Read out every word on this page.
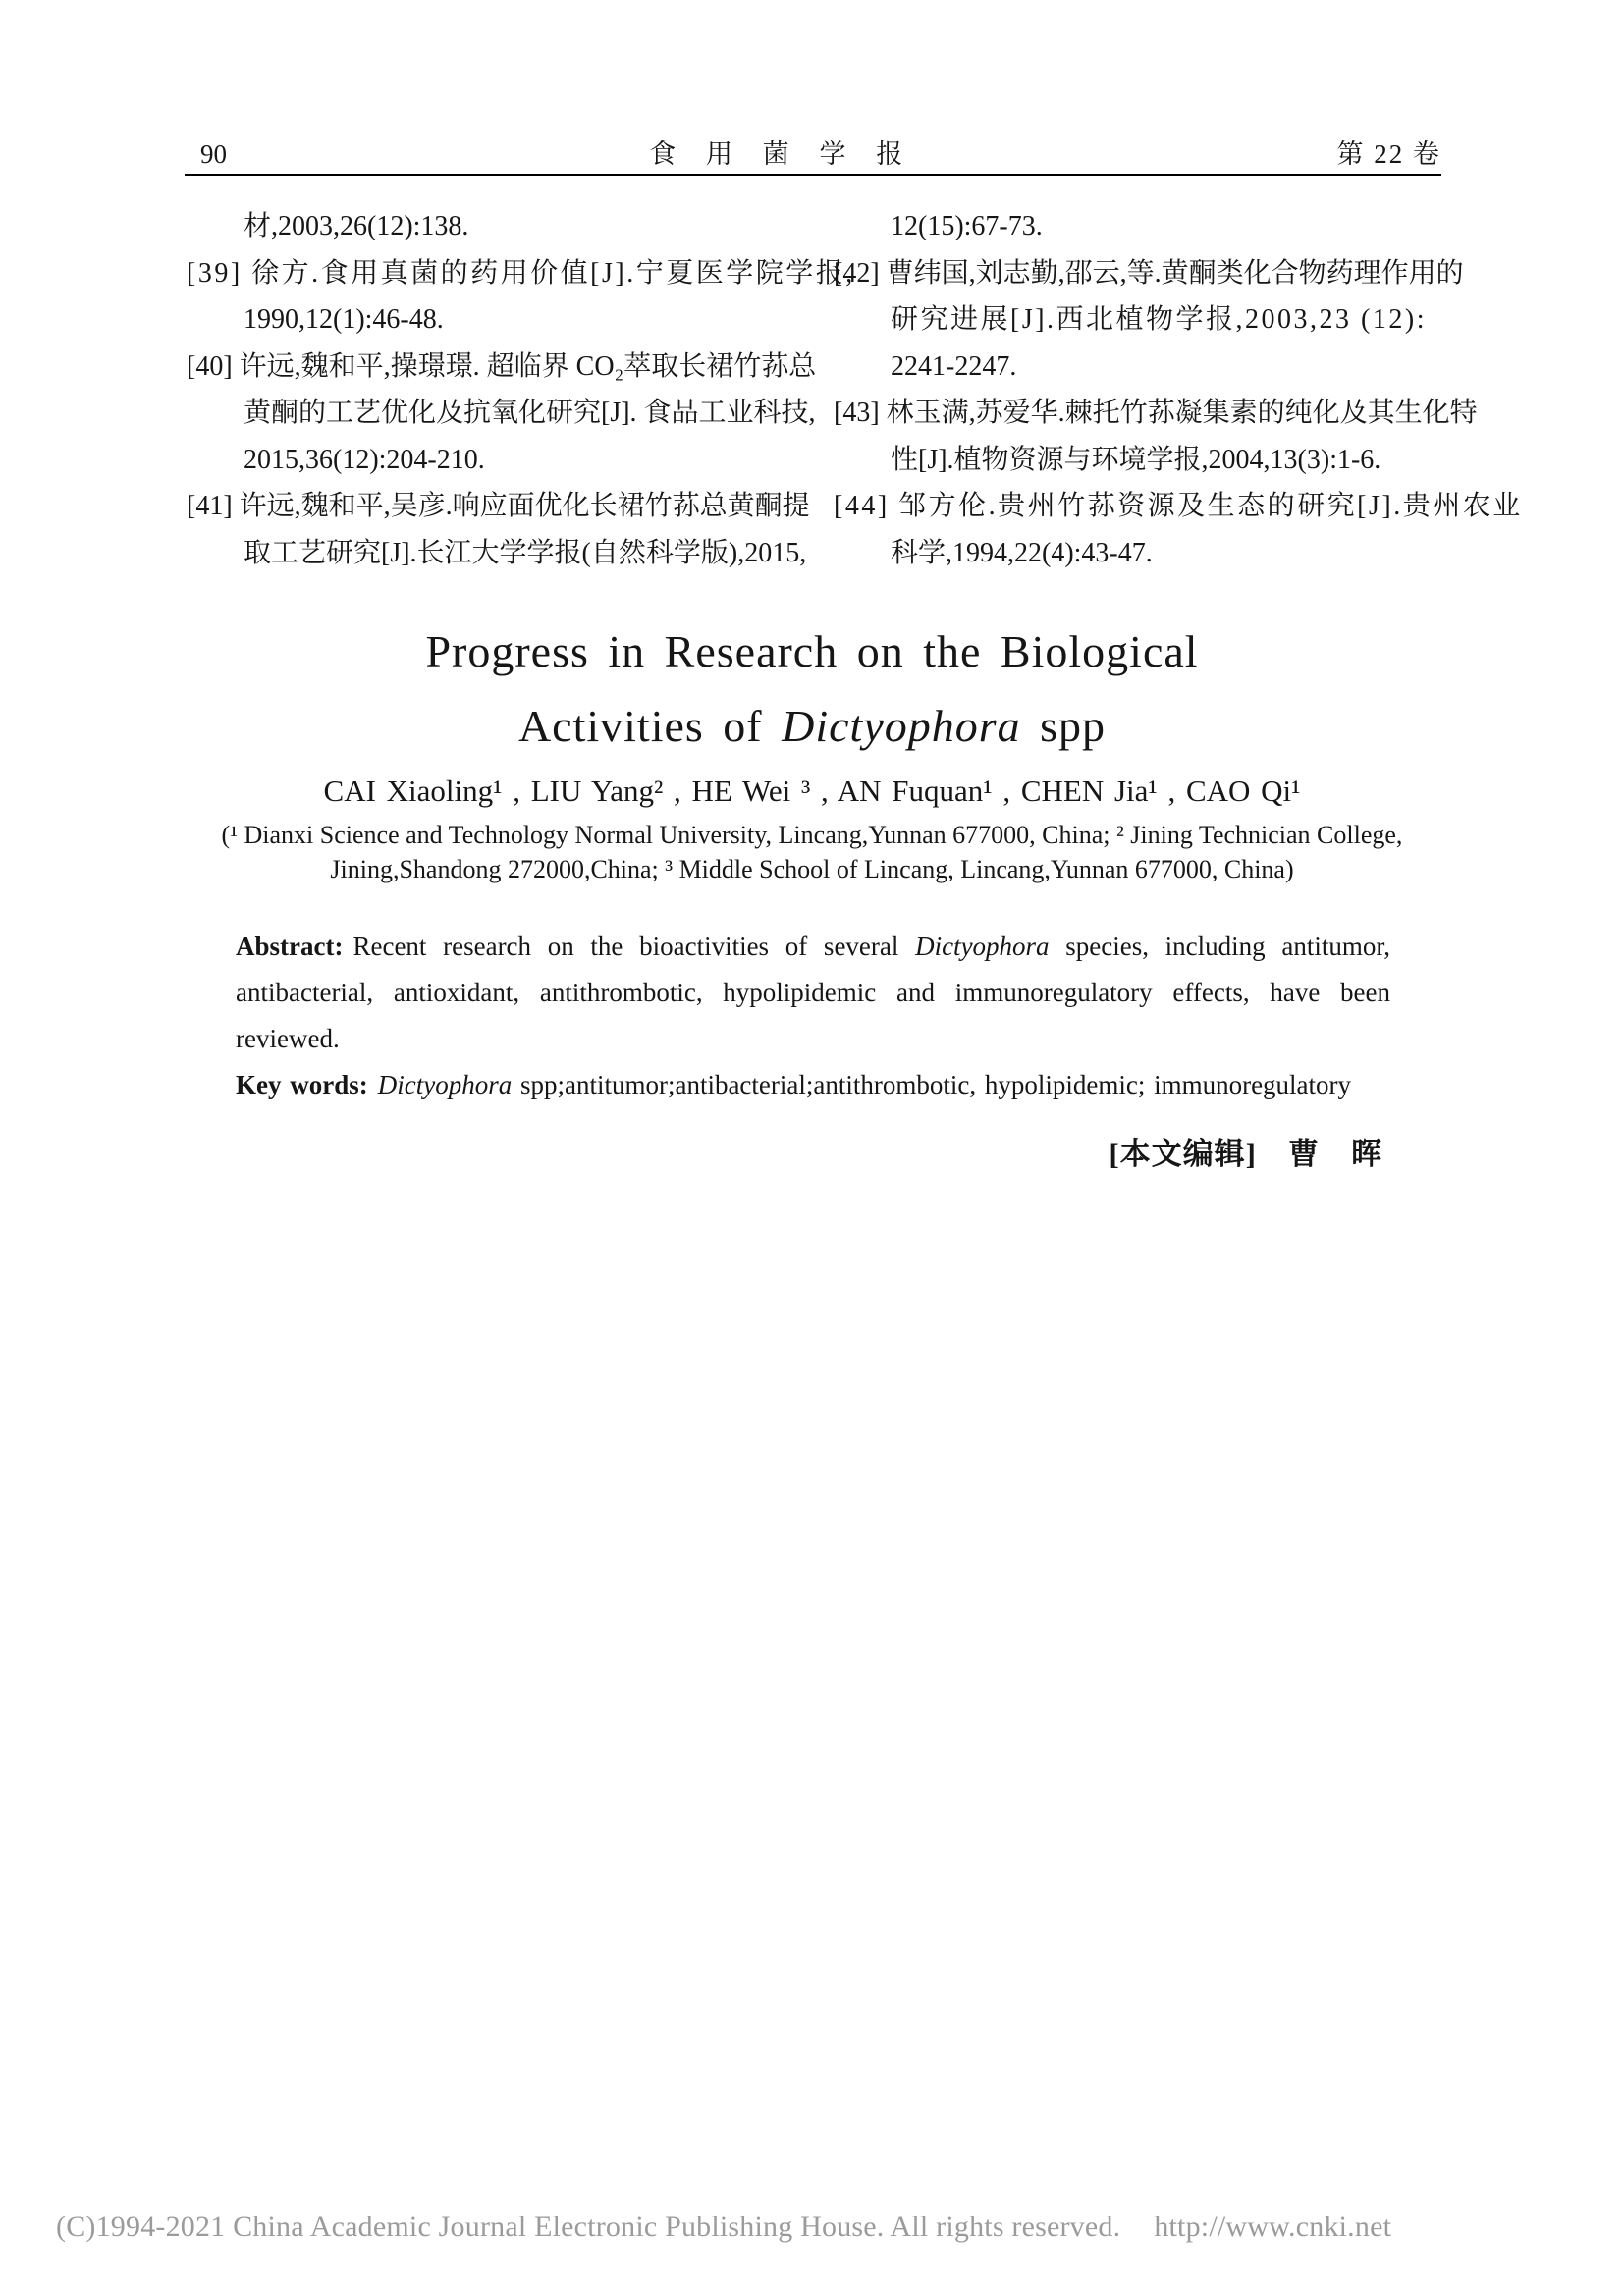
90	食 用 菌 学 报	第 22 卷
材,2003,26(12):138.
[39] 徐方.食用真菌的药用价值[J].宁夏医学院学报,
1990,12(1):46-48.
[40] 许远,魏和平,操璟璟. 超临界 CO₂萃取长裙竹荪总
黄酮的工艺优化及抗氧化研究[J]. 食品工业科技,
2015,36(12):204-210.
[41] 许远,魏和平,吴彦.响应面优化长裙竹荪总黄酮提
取工艺研究[J].长江大学学报(自然科学版),2015,
12(15):67-73.
[42] 曹纬国,刘志勤,邵云,等.黄酮类化合物药理作用的
研究进展[J].西北植物学报,2003,23 (12):
2241-2247.
[43] 林玉满,苏爱华.棘托竹荪凝集素的纯化及其生化特
性[J].植物资源与环境学报,2004,13(3):1-6.
[44] 邹方伦.贵州竹荪资源及生态的研究[J].贵州农业
科学,1994,22(4):43-47.
Progress in Research on the Biological
Activities of Dictyophora spp
CAI Xiaoling¹ , LIU Yang² , HE Wei ³ , AN Fuquan¹ , CHEN Jia¹ , CAO Qi¹
(¹ Dianxi Science and Technology Normal University, Lincang,Yunnan 677000, China; ² Jining Technician College,
Jining,Shandong 272000,China; ³ Middle School of Lincang, Lincang,Yunnan 677000, China)

Abstract: Recent research on the bioactivities of several Dictyophora species, including antitumor, antibacterial, antioxidant, antithrombotic, hypolipidemic and immunoregulatory effects, have been reviewed.

Key words: Dictyophora spp;antitumor;antibacterial;antithrombotic, hypolipidemic; immunoregulatory

[本文编辑]　曹　晖
(C)1994-2021 China Academic Journal Electronic Publishing House. All rights reserved. http://www.cnki.net
